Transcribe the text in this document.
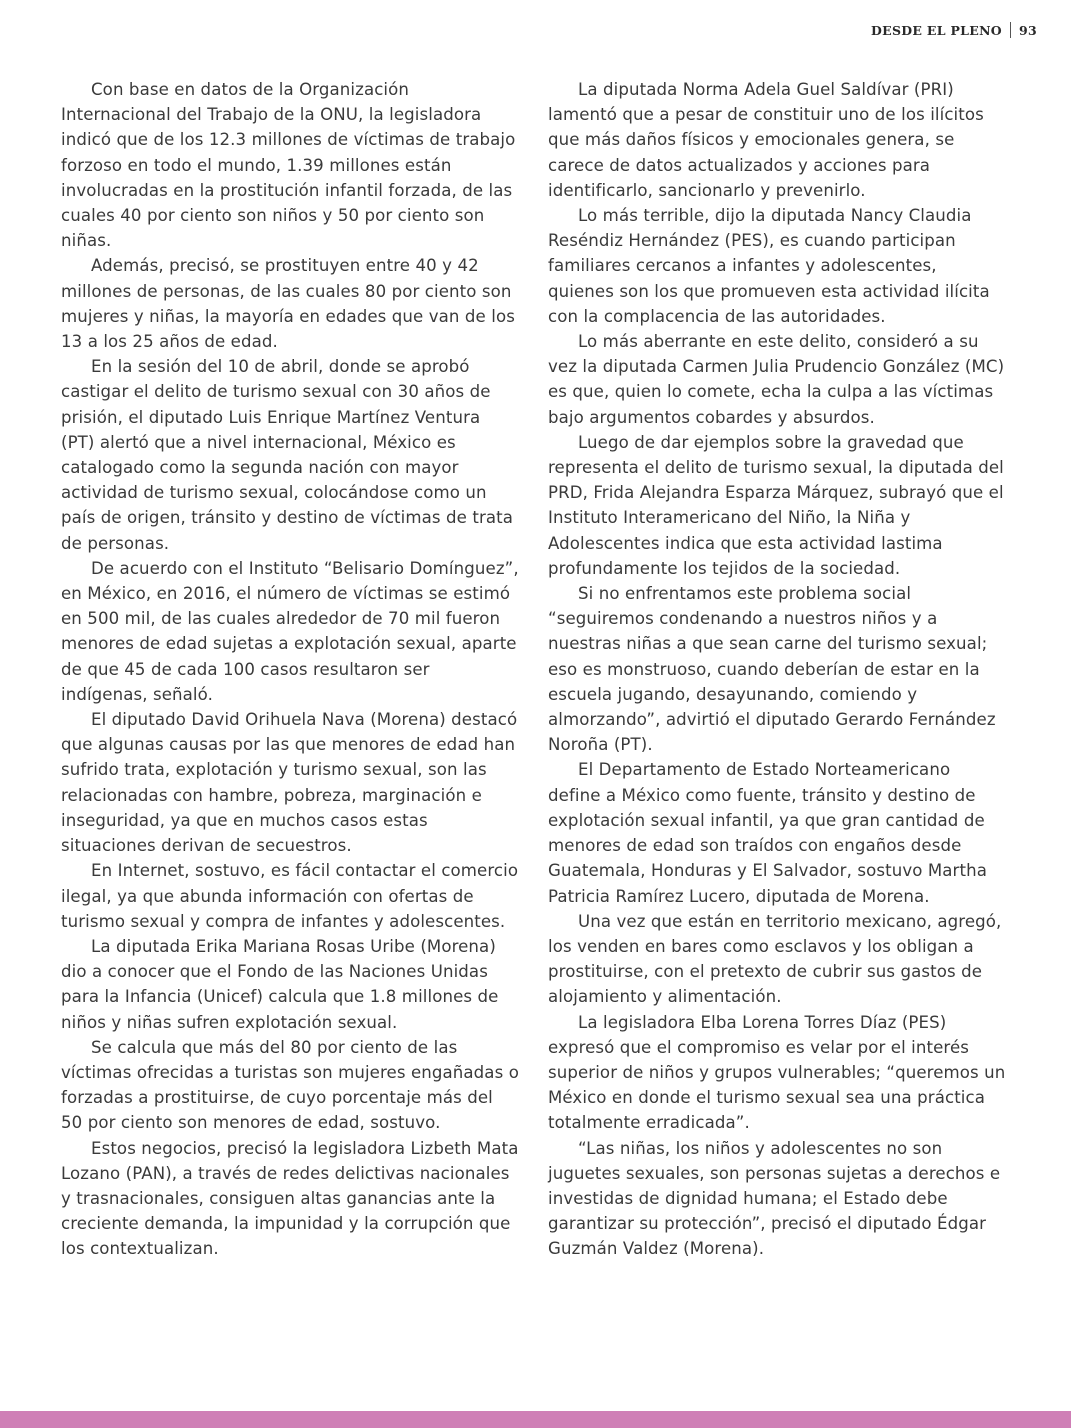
DESDE EL PLENO 93

Con base en datos de la Organización Internacional del Trabajo de la ONU, la legisladora indicó que de los 12.3 millones de víctimas de trabajo forzoso en todo el mundo, 1.39 millones están involucradas en la prostitución infantil forzada, de las cuales 40 por ciento son niños y 50 por ciento son niñas.

Además, precisó, se prostituyen entre 40 y 42 millones de personas, de las cuales 80 por ciento son mujeres y niñas, la mayoría en edades que van de los 13 a los 25 años de edad.

En la sesión del 10 de abril, donde se aprobó castigar el delito de turismo sexual con 30 años de prisión, el diputado Luis Enrique Martínez Ventura (PT) alertó que a nivel internacional, México es catalogado como la segunda nación con mayor actividad de turismo sexual, colocándose como un país de origen, tránsito y destino de víctimas de trata de personas.

De acuerdo con el Instituto “Belisario Domínguez”, en México, en 2016, el número de víctimas se estimó en 500 mil, de las cuales alrededor de 70 mil fueron menores de edad sujetas a explotación sexual, aparte de que 45 de cada 100 casos resultaron ser indígenas, señaló.

El diputado David Orihuela Nava (Morena) destacó que algunas causas por las que menores de edad han sufrido trata, explotación y turismo sexual, son las relacionadas con hambre, pobreza, marginación e inseguridad, ya que en muchos casos estas situaciones derivan de secuestros.

En Internet, sostuvo, es fácil contactar el comercio ilegal, ya que abunda información con ofertas de turismo sexual y compra de infantes y adolescentes.

La diputada Erika Mariana Rosas Uribe (Morena) dio a conocer que el Fondo de las Naciones Unidas para la Infancia (Unicef) calcula que 1.8 millones de niños y niñas sufren explotación sexual.

Se calcula que más del 80 por ciento de las víctimas ofrecidas a turistas son mujeres engañadas o forzadas a prostituirse, de cuyo porcentaje más del 50 por ciento son menores de edad, sostuvo.

Estos negocios, precisó la legisladora Lizbeth Mata Lozano (PAN), a través de redes delictivas nacionales y trasnacionales, consiguen altas ganancias ante la creciente demanda, la impunidad y la corrupción que los contextualizan.

La diputada Norma Adela Guel Saldívar (PRI) lamentó que a pesar de constituir uno de los ilícitos que más daños físicos y emocionales genera, se carece de datos actualizados y acciones para identificarlo, sancionarlo y prevenirlo.

Lo más terrible, dijo la diputada Nancy Claudia Reséndiz Hernández (PES), es cuando participan familiares cercanos a infantes y adolescentes, quienes son los que promueven esta actividad ilícita con la complacencia de las autoridades.

Lo más aberrante en este delito, consideró a su vez la diputada Carmen Julia Prudencio González (MC) es que, quien lo comete, echa la culpa a las víctimas bajo argumentos cobardes y absurdos.

Luego de dar ejemplos sobre la gravedad que representa el delito de turismo sexual, la diputada del PRD, Frida Alejandra Esparza Márquez, subrayó que el Instituto Interamericano del Niño, la Niña y Adolescentes indica que esta actividad lastima profundamente los tejidos de la sociedad.

Si no enfrentamos este problema social “seguiremos condenando a nuestros niños y a nuestras niñas a que sean carne del turismo sexual; eso es monstruoso, cuando deberían de estar en la escuela jugando, desayunando, comiendo y almorzando”, advirtió el diputado Gerardo Fernández Noroña (PT).

El Departamento de Estado Norteamericano define a México como fuente, tránsito y destino de explotación sexual infantil, ya que gran cantidad de menores de edad son traídos con engaños desde Guatemala, Honduras y El Salvador, sostuvo Martha Patricia Ramírez Lucero, diputada de Morena.

Una vez que están en territorio mexicano, agregó, los venden en bares como esclavos y los obligan a prostituirse, con el pretexto de cubrir sus gastos de alojamiento y alimentación.

La legisladora Elba Lorena Torres Díaz (PES) expresó que el compromiso es velar por el interés superior de niños y grupos vulnerables; “queremos un México en donde el turismo sexual sea una práctica totalmente erradicada”.

“Las niñas, los niños y adolescentes no son juguetes sexuales, son personas sujetas a derechos e investidas de dignidad humana; el Estado debe garantizar su protección”, precisó el diputado Édgar Guzmán Valdez (Morena).
